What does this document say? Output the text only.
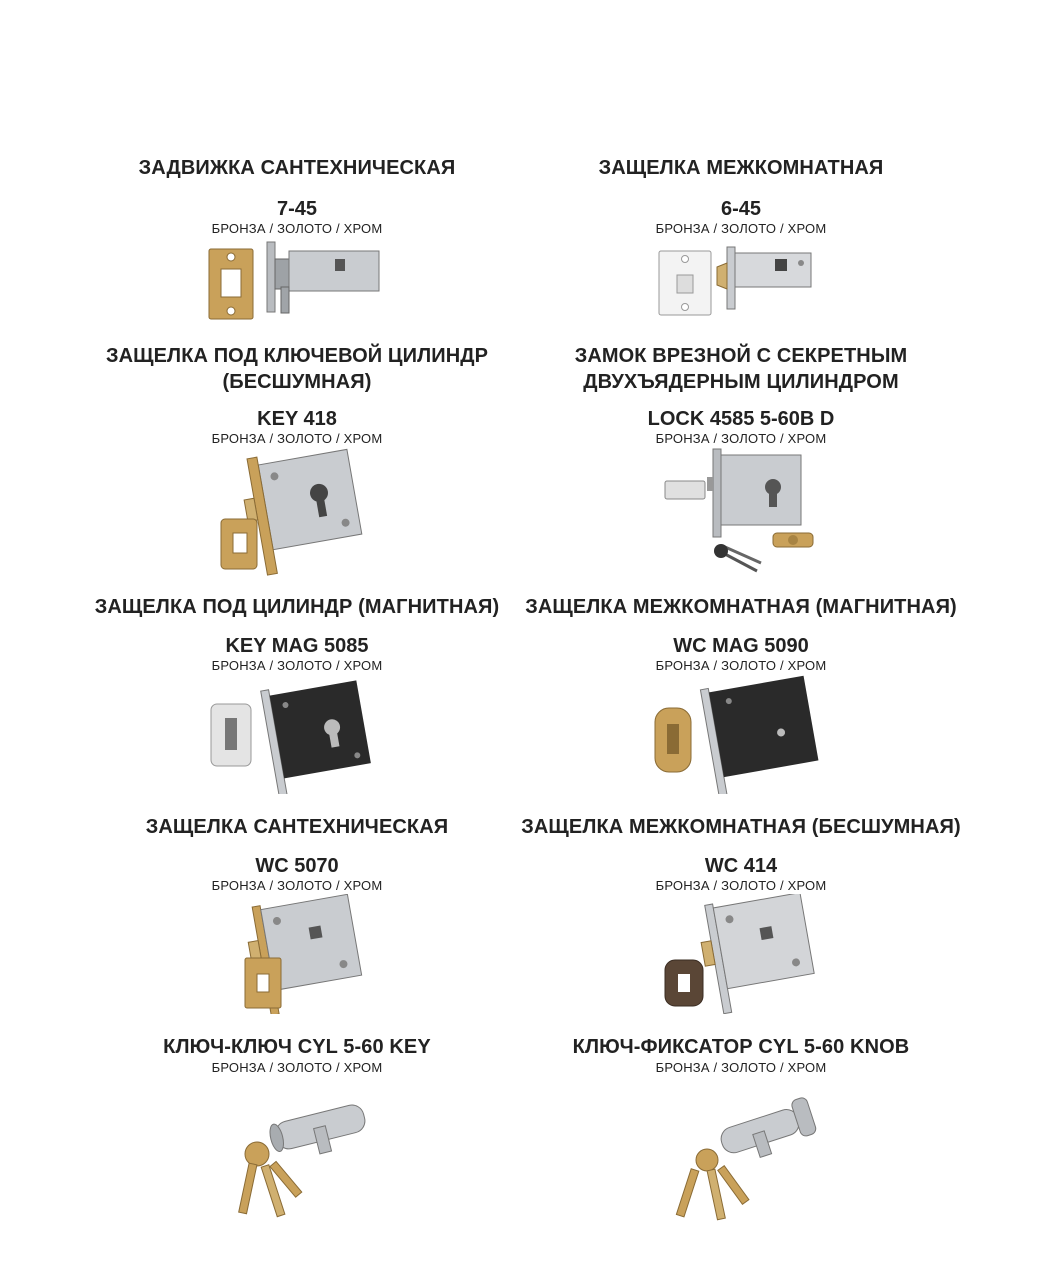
ЗАДВИЖКА САНТЕХНИЧЕСКАЯ

7-45

БРОНЗА / ЗОЛОТО / ХРОМ

ЗАЩЕЛКА МЕЖКОМНАТНАЯ

6-45

БРОНЗА / ЗОЛОТО / ХРОМ

ЗАЩЕЛКА ПОД КЛЮЧЕВОЙ ЦИЛИНДР
(БЕСШУМНАЯ)

KEY 418

БРОНЗА / ЗОЛОТО / ХРОМ

ЗАМОК ВРЕЗНОЙ С СЕКРЕТНЫМ
ДВУХЪЯДЕРНЫМ ЦИЛИНДРОМ

LOCK 4585 5-60B D

БРОНЗА / ЗОЛОТО / ХРОМ

ЗАЩЕЛКА ПОД ЦИЛИНДР (МАГНИТНАЯ)

KEY MAG 5085

БРОНЗА / ЗОЛОТО / ХРОМ

ЗАЩЕЛКА МЕЖКОМНАТНАЯ (МАГНИТНАЯ)

WC MAG 5090

БРОНЗА / ЗОЛОТО / ХРОМ

ЗАЩЕЛКА САНТЕХНИЧЕСКАЯ

WC 5070

БРОНЗА / ЗОЛОТО / ХРОМ

ЗАЩЕЛКА МЕЖКОМНАТНАЯ (БЕСШУМНАЯ)

WC 414

БРОНЗА / ЗОЛОТО / ХРОМ

КЛЮЧ-КЛЮЧ CYL 5-60 KEY

БРОНЗА / ЗОЛОТО / ХРОМ

КЛЮЧ-ФИКСАТОР CYL 5-60 KNOB

БРОНЗА / ЗОЛОТО / ХРОМ
